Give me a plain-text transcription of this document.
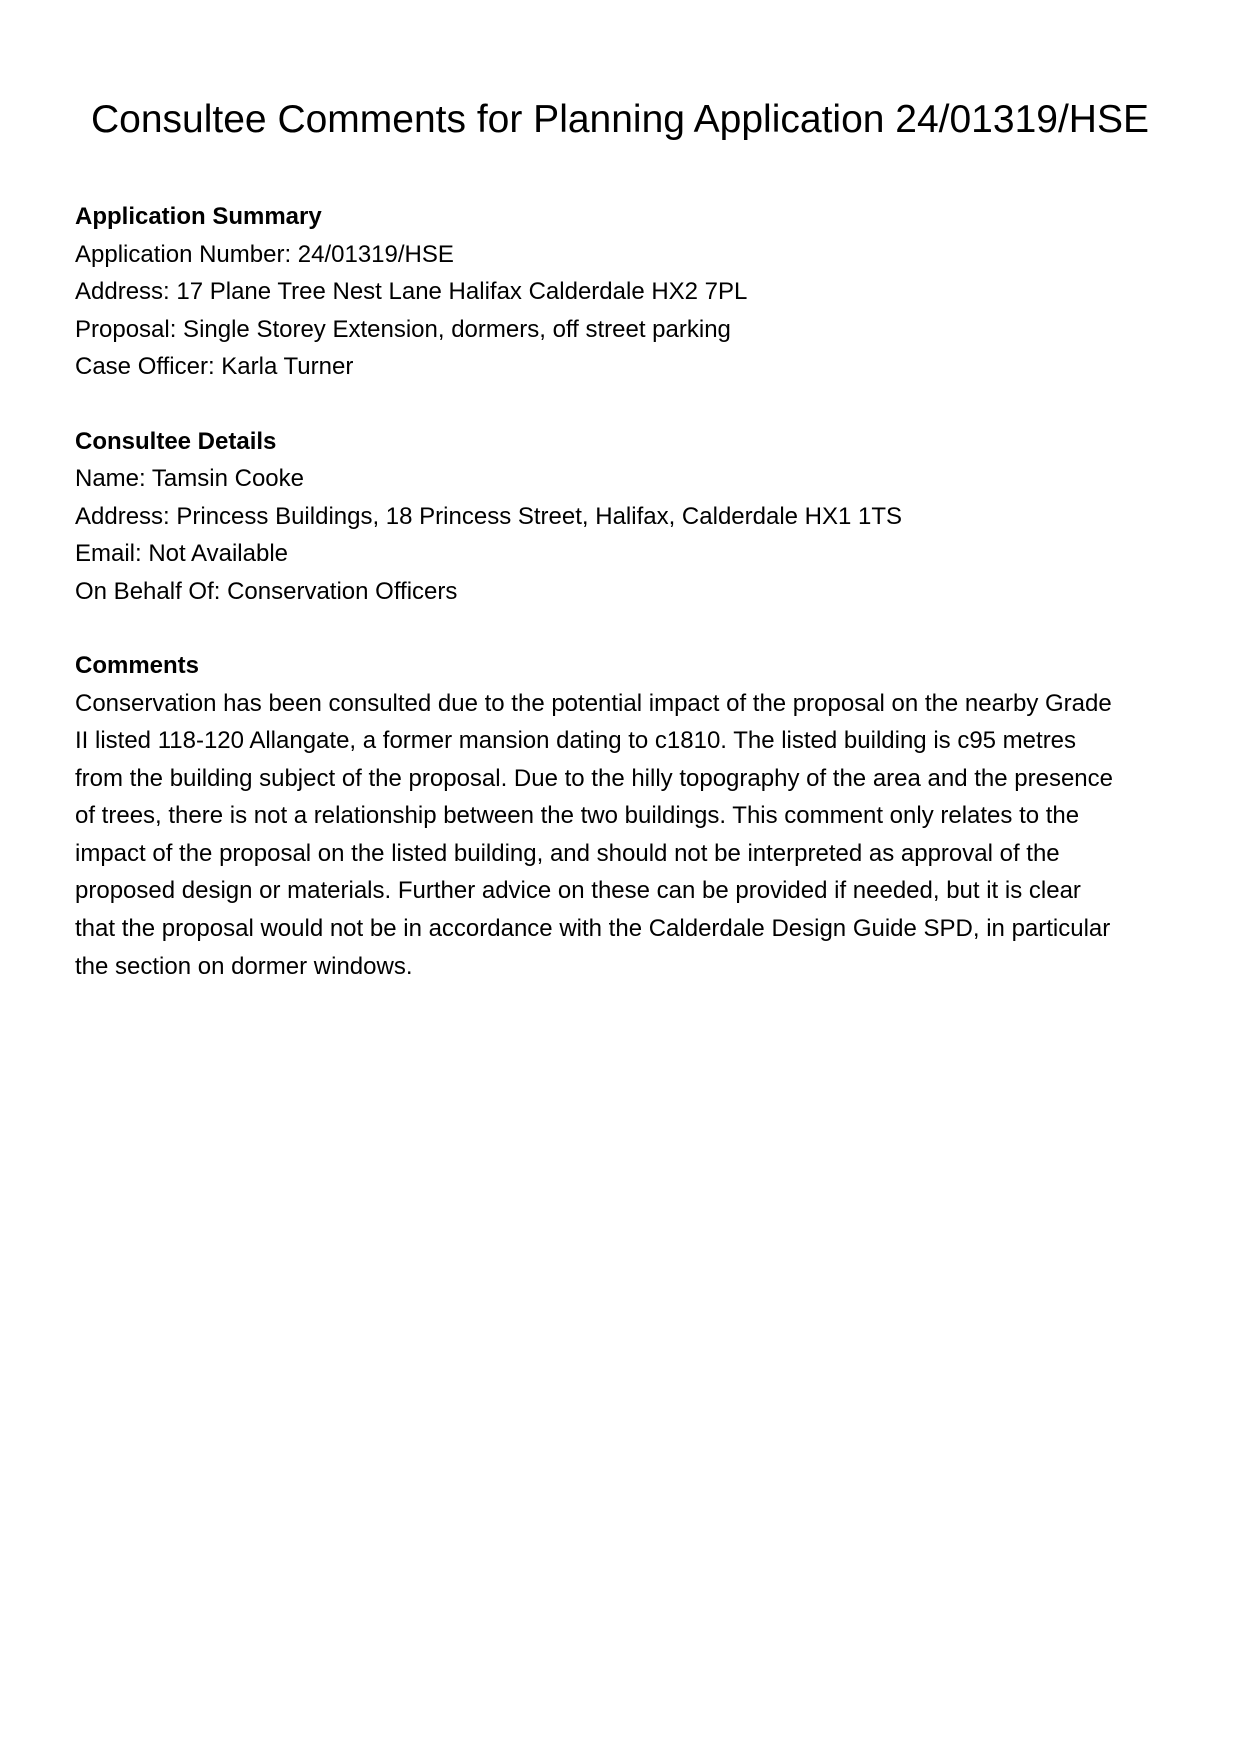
Consultee Comments for Planning Application 24/01319/HSE

Application Summary

Application Number: 24/01319/HSE

Address: 17 Plane Tree Nest Lane Halifax Calderdale HX2 7PL

Proposal: Single Storey Extension, dormers, off street parking

Case Officer: Karla Turner

Consultee Details

Name: Tamsin Cooke

Address: Princess Buildings, 18 Princess Street, Halifax, Calderdale HX1 1TS

Email: Not Available

On Behalf Of: Conservation Officers

Comments

Conservation has been consulted due to the potential impact of the proposal on the nearby Grade
II listed 118-120 Allangate, a former mansion dating to c1810. The listed building is c95 metres
from the building subject of the proposal. Due to the hilly topography of the area and the presence
of trees, there is not a relationship between the two buildings. This comment only relates to the
impact of the proposal on the listed building, and should not be interpreted as approval of the
proposed design or materials. Further advice on these can be provided if needed, but it is clear
that the proposal would not be in accordance with the Calderdale Design Guide SPD, in particular
the section on dormer windows.
